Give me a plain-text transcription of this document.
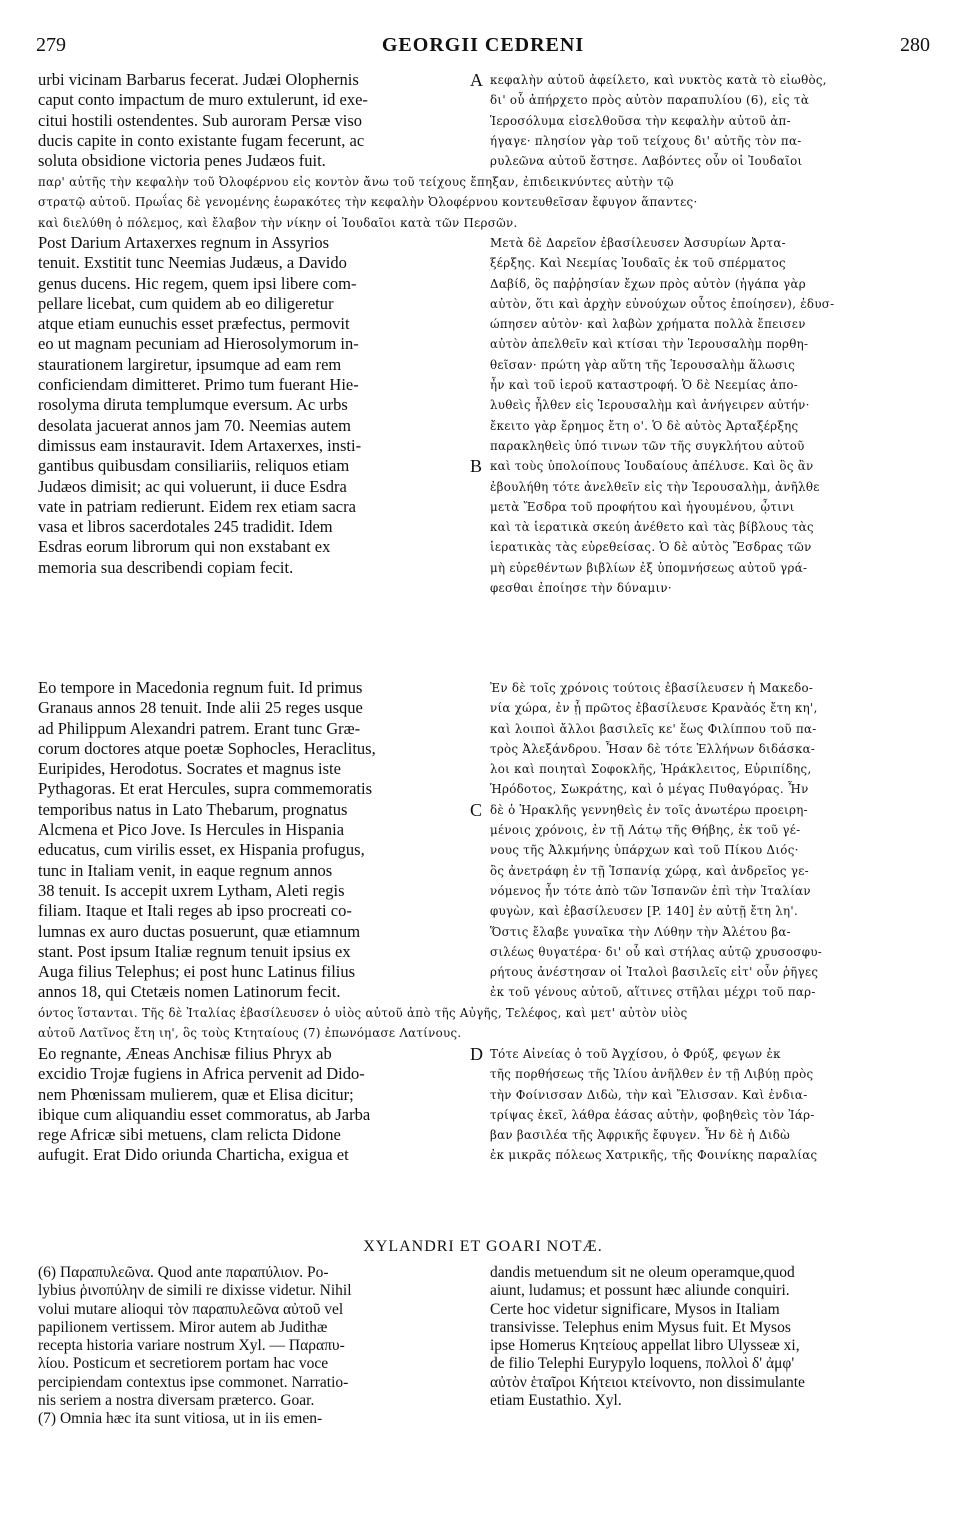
279	GEORGII CEDRENI	280
urbi vicinam Barbarus fecerat. Judæi Olophernis
caput conto impactum de muro extulerunt, id exe-
citui hostili ostendentes. Sub auroram Persæ viso
ducis capite in conto existante fugam fecerunt, ac
soluta obsidione victoria penes Judæos fuit.
A κεφαλὴν αὐτοῦ ἀφείλετο, καὶ νυκτὸς κατὰ τὸ εἰωθὸς,
δι' οὗ ἀπήρχετο πρὸς αὐτὸν παραπυλίου (6), εἰς τὰ
Ἱεροσόλυμα εἰσελθοῦσα τὴν κεφαλὴν αὐτοῦ ἀπ-
ήγαγε· πλησίον γὰρ τοῦ τείχους δι' αὐτῆς τὸν πα-
ρυλεῶνα αὐτοῦ ἔστησε. Λαβόντες οὖν οἱ Ἰουδαῖοι
παρ' αὐτῆς τὴν κεφαλὴν τοῦ Ὀλοφέρνου εἰς κοντὸν ἄνω τοῦ τείχους ἔπηξαν, ἐπιδεικνύντες αὐτὴν τῷ
στρατῷ αὐτοῦ. Πρωΐας δὲ γενομένης ἑωρακότες τὴν κεφαλὴν Ὀλοφέρνου κοντευθεῖσαν ἔφυγον ἅπαντες·
καὶ διελύθη ὁ πόλεμος, καὶ ἔλαβον τὴν νίκην οἱ Ἰουδαῖοι κατὰ τῶν Περσῶν.
Post Darium Artaxerxes regnum in Assyrios
tenuit. Exstitit tunc Neemias Judæus, a Davido
genus ducens. Hic regem, quem ipsi libere com-
pellare licebat, cum quidem ab eo diligeretur
atque etiam eunuchis esset præfectus, permovit
eo ut magnam pecuniam ad Hierosolymorum in-
staurationem largiretur, ipsumque ad eam rem
conficiendam dimitteret. Primo tum fuerant Hie-
rosolyma diruta templumque eversum. Ac urbs
desolata jacuerat annos jam 70. Neemias autem
dimissus eam instauravit. Idem Artaxerxes, insti-
gantibus quibusdam consiliariis, reliquos etiam
Judæos dimisit; ac qui voluerunt, ii duce Esdra
vate in patriam redierunt. Eidem rex etiam sacra
vasa et libros sacerdotales 245 tradidit. Idem
Esdras eorum librorum qui non exstabant ex
memoria sua describendi copiam fecit.
B
Μετὰ δὲ Δαρεῖον ἐβασίλευσεν Ἀσσυρίων Ἀρτα-
ξέρξης. Καὶ Νεεμίας Ἰουδαῖς ἐκ τοῦ σπέρματος
Δαβίδ, ὃς παῤῥησίαν ἔχων πρὸς αὐτὸν (ἠγάπα γὰρ
αὐτὸν, ὅτι καὶ ἀρχὴν εὐνούχων οὗτος ἐποίησεν), ἐδυσ-
ώπησεν αὐτὸν· καὶ λαβὼν χρήματα πολλὰ ἔπεισεν
αὐτὸν ἀπελθεῖν καὶ κτίσαι τὴν Ἱερουσαλὴμ πορθη-
θεῖσαν· πρώτη γὰρ αὕτη τῆς Ἱερουσαλὴμ ἅλωσις
ἦν καὶ τοῦ ἱεροῦ καταστροφή. Ὁ δὲ Νεεμίας ἀπο-
λυθεὶς ἦλθεν εἰς Ἱερουσαλὴμ καὶ ἀνήγειρεν αὐτήν·
ἔκειτο γὰρ ἔρημος ἔτη ο'. Ὁ δὲ αὐτὸς Ἀρταξέρξης
παρακληθεὶς ὑπό τινων τῶν τῆς συγκλήτου αὐτοῦ
καὶ τοὺς ὑπολοίπους Ἰουδαίους ἀπέλυσε. Καὶ ὃς ἂν
ἐβουλήθη τότε ἀνελθεῖν εἰς τὴν Ἱερουσαλὴμ, ἀνῆλθε
μετὰ Ἔσδρα τοῦ προφήτου καὶ ἡγουμένου, ᾧτινι
καὶ τὰ ἱερατικὰ σκεύη ἀνέθετο καὶ τὰς βίβλους τὰς
ἱερατικὰς τὰς εὑρεθείσας. Ὁ δὲ αὐτὸς Ἔσδρας τῶν
μὴ εὑρεθέντων βιβλίων ἐξ ὑπομνήσεως αὐτοῦ γρά-
φεσθαι ἐποίησε τὴν δύναμιν·
Eo tempore in Macedonia regnum fuit. Id primus
Granaus annos 28 tenuit. Inde alii 25 reges usque
ad Philippum Alexandri patrem. Erant tunc Græ-
corum doctores atque poetæ Sophocles, Heraclitus,
Euripides, Herodotus. Socrates et magnus iste
Pythagoras. Et erat Hercules, supra commemoratis
temporibus natus in Lato Thebarum, prognatus
Alcmena et Pico Jove. Is Hercules in Hispania
educatus, cum virilis esset, ex Hispania profugus,
tunc in Italiam venit, in eaque regnum annos
38 tenuit. Is accepit uxrem Lytham, Aleti regis
filiam. Itaque et Itali reges ab ipso procreati co-
lumnas ex auro ductas posuerunt, quæ etiamnum
stant. Post ipsum Italiæ regnum tenuit ipsius ex
Auga filius Telephus; ei post hunc Latinus filius
annos 18, qui Ctetæis nomen Latinorum fecit.
C
Ἐν δὲ τοῖς χρόνοις τούτοις ἐβασίλευσεν ἡ Μακεδο-
νία χώρα, ἐν ᾗ πρῶτος ἐβασίλευσε Κρανὰός ἔτη κη',
καὶ λοιποὶ ἄλλοι βασιλεῖς κε' ἕως Φιλίππου τοῦ πα-
τρὸς Ἀλεξάνδρου. Ἦσαν δὲ τότε Ἑλλήνων διδάσκα-
λοι καὶ ποιηταὶ Σοφοκλῆς, Ἡράκλειτος, Εὐριπίδης,
Ἡρόδοτος, Σωκράτης, καὶ ὁ μέγας Πυθαγόρας. Ἦν
δὲ ὁ Ἡρακλῆς γεννηθεὶς ἐν τοῖς ἀνωτέρω προειρη-
μένοις χρόνοις, ἐν τῇ Λάτῳ τῆς Θήβης, ἐκ τοῦ γέ-
νους τῆς Ἀλκμήνης ὑπάρχων καὶ τοῦ Πίκου Διός·
ὃς ἀνετράφη ἐν τῇ Ἱσπανίᾳ χώρᾳ, καὶ ἀνδρεῖος γε-
νόμενος ἦν τότε ἀπὸ τῶν Ἱσπανῶν ἐπὶ τὴν Ἰταλίαν
φυγὼν, καὶ ἐβασίλευσεν [P. 140] ἐν αὐτῇ ἔτη λη'.
Ὅστις ἔλαβε γυναῖκα τὴν Λύθην τὴν Ἀλέτου βα-
σιλέως θυγατέρα· δι' οὗ καὶ στήλας αὐτῷ χρυσοσφυ-
ρήτους ἀνέστησαν οἱ Ἰταλοὶ βασιλεῖς εἰτ' οὖν ῥῆγες
ἐκ τοῦ γένους αὐτοῦ, αἵτινες στῆλαι μέχρι τοῦ παρ-
όντος ἵστανται. Τῆς δὲ Ἰταλίας ἐβασίλευσεν ὁ υἱὸς αὐτοῦ ἀπὸ τῆς Αὐγῆς, Τελέφος, καὶ μετ' αὐτὸν υἱὸς
αὐτοῦ Λατῖνος ἔτη ιη', ὃς τοὺς Κτηταίους (7) ἐπωνόμασε Λατίνους.
Eo regnante, Æneas Anchisæ filius Phryx ab
excidio Trojæ fugiens in Africa pervenit ad Dido-
nem Phœnissam mulierem, quæ et Elisa dicitur;
ibique cum aliquandiu esset commoratus, ab Jarba
rege Africæ sibi metuens, clam relicta Didone
aufugit. Erat Dido oriunda Charticha, exigua et
D Τότε Αἰνείας ὁ τοῦ Ἀγχίσου, ὁ Φρύξ, φεγων ἐκ
τῆς πορθήσεως τῆς Ἰλίου ἀνῆλθεν ἐν τῇ Λιβύῃ πρὸς
τὴν Φοίνισσαν Διδὼ, τὴν καὶ Ἔλισσαν. Καὶ ἐνδια-
τρίψας ἐκεῖ, λάθρα ἐάσας αὐτὴν, φοβηθεὶς τὸν Ἰάρ-
βαν βασιλέα τῆς Ἀφρικῆς ἔφυγεν. Ἦν δὲ ἡ Διδὼ
ἐκ μικρᾶς πόλεως Χατρικῆς, τῆς Φοινίκης παραλίας
XYLANDRI ET GOARI NOTÆ.
(6) Παραπυλεῶνα. Quod ante παραπύλιον. Po-
lybius ῥινοπύλην de simili re dixisse videtur. Nihil
volui mutare alioqui τὸν παραπυλεῶνα αὐτοῦ vel
papilionem vertissem. Miror autem ab Judithæ
recepta historia variare nostrum Xyl. — Παραπυ-
λίου. Posticum et secretiorem portam hac voce
percipiendam contextus ipse commonet. Narratio-
nis seriem a nostra diversam præterco. Goar.
(7) Omnia hæc ita sunt vitiosa, ut in iis emen-
dandis metuendum sit ne oleum operamque,quod
aiunt, ludamus; et possunt hæc aliunde conquiri.
Certe hoc videtur significare, Mysos in Italiam
transivisse. Telephus enim Mysus fuit. Et Mysos
ipse Homerus Κητείους appellat libro Ulysseæ xi,
de filio Telephi Eurypylo loquens, πολλοὶ δ' ἀμφ'
αὐτὸν ἑταῖροι Κήτειοι κτείνοντο, non dissimulante
etiam Eustathio. Xyl.
